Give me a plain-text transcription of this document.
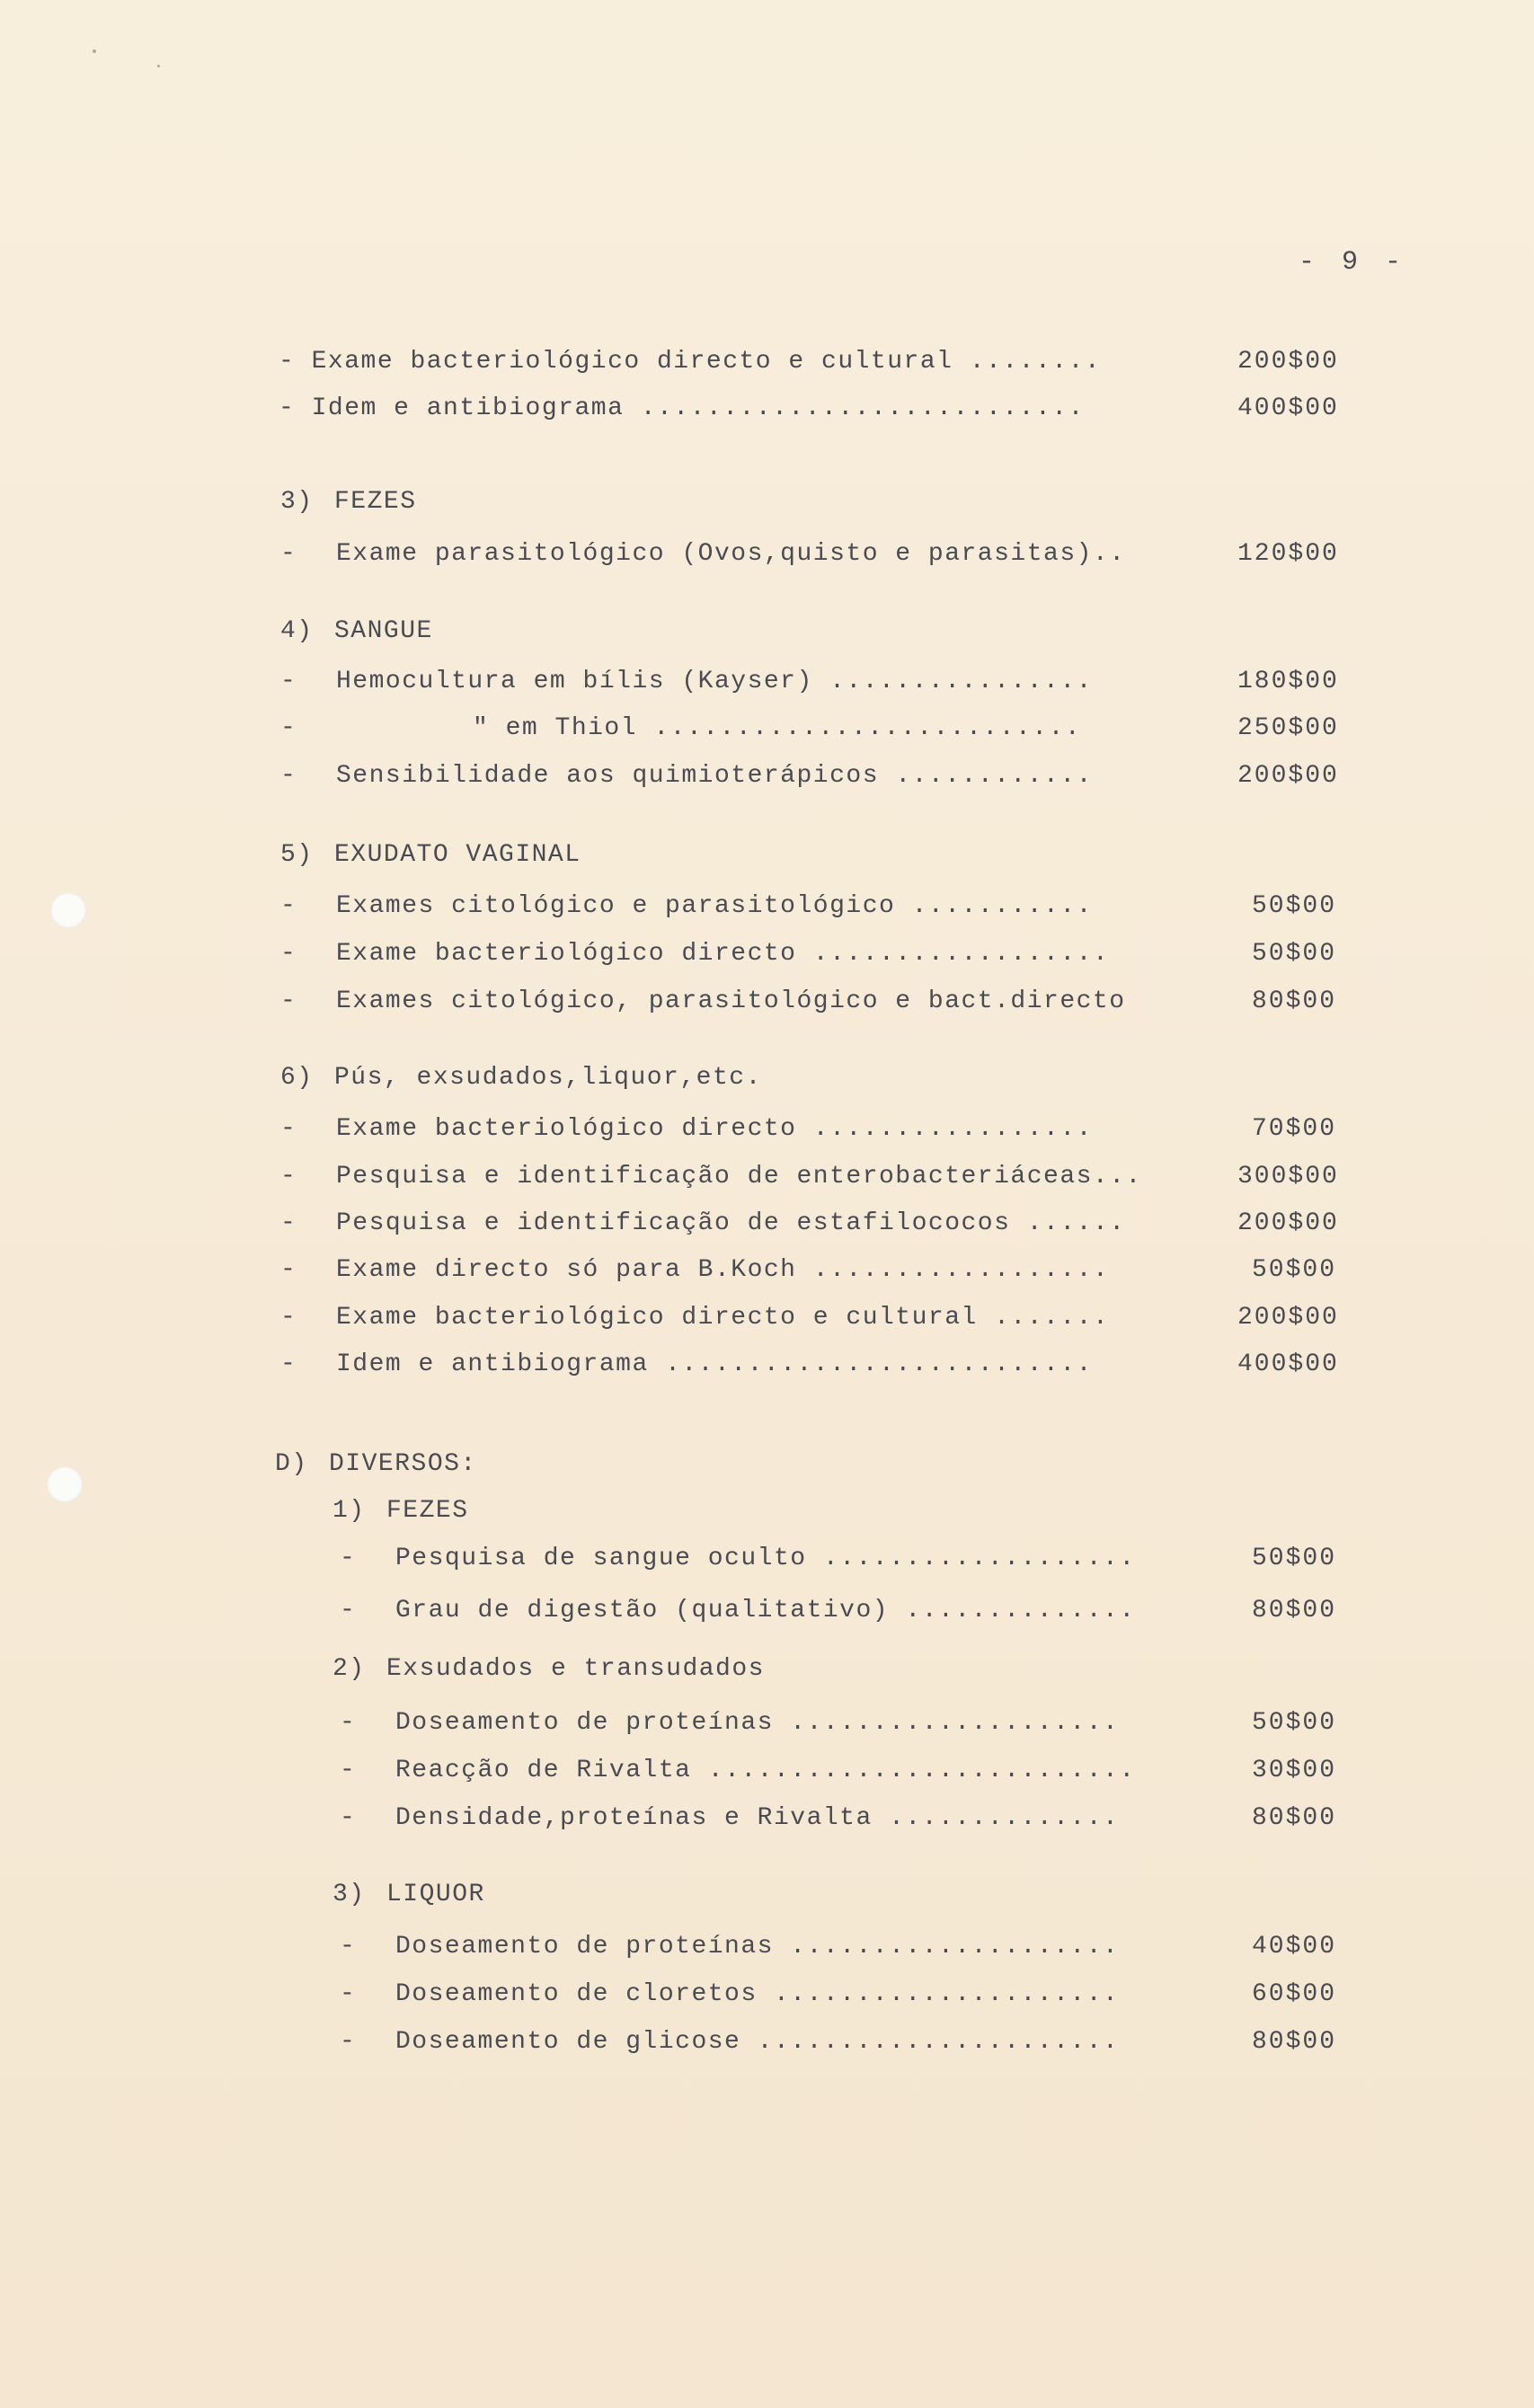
- 9 -
- Exame bacteriológico directo e cultural ........	200$00
- Idem e antibiograma ...........................	400$00
3) FEZES
- Exame parasitológico (Ovos,quisto e parasitas)..	120$00
4) SANGUE
- Hemocultura em bílis (Kayser) ................	180$00
-	" em Thiol ..........................	250$00
- Sensibilidade aos quimioterápicos ............	200$00
5) EXUDATO VAGINAL
- Exames citológico e parasitológico ...........	50$00
- Exame bacteriológico directo ..................	50$00
- Exames citológico, parasitológico e bact.directo	80$00
6) Pús, exsudados,liquor,etc.
- Exame bacteriológico directo .................	70$00
- Pesquisa e identificação de enterobacteriáceas...	300$00
- Pesquisa e identificação de estafilococos ......	200$00
- Exame directo só para B.Koch ..................	50$00
- Exame bacteriológico directo e cultural .......	200$00
- Idem e antibiograma ..........................	400$00
D) DIVERSOS:
1) FEZES
- Pesquisa de sangue oculto ...................	50$00
- Grau de digestão (qualitativo) ..............	80$00
2) Exsudados e transudados
- Doseamento de proteínas ....................	50$00
- Reacção de Rivalta ..........................	30$00
- Densidade,proteínas e Rivalta ..............	80$00
3) LIQUOR
- Doseamento de proteínas ....................	40$00
- Doseamento de cloretos .....................	60$00
- Doseamento de glicose ......................	80$00
